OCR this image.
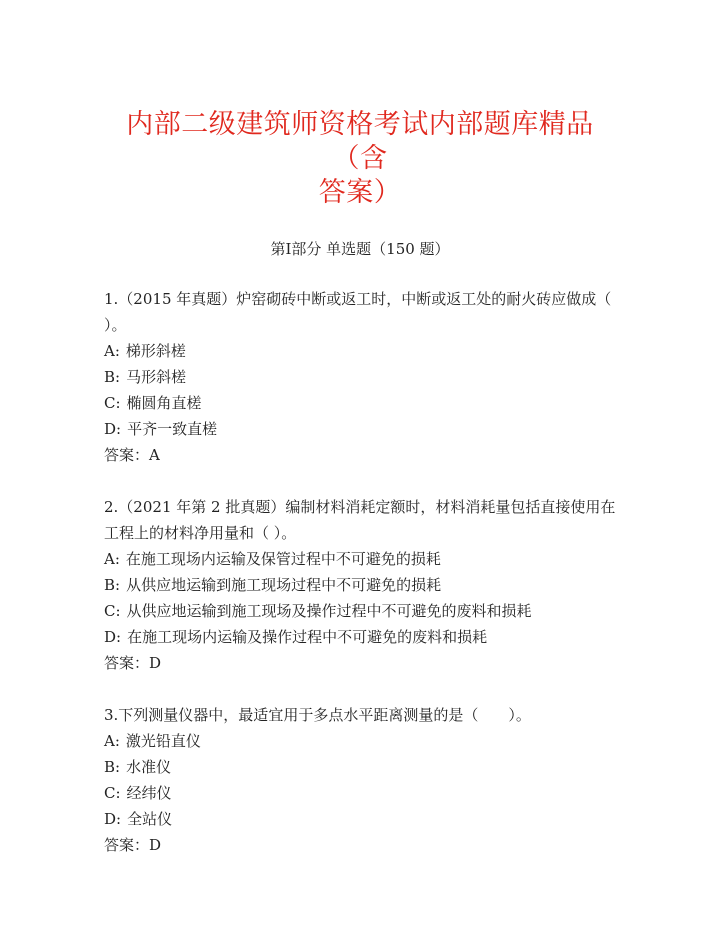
内部二级建筑师资格考试内部题库精品（含
答案）
第Ⅰ部分 单选题（150 题）

1.（2015 年真题）炉窑砌砖中断或返工时，中断或返工处的耐火砖应做成（ ）。

A: 梯形斜槎
B: 马形斜槎
C: 椭圆角直槎
D: 平齐一致直槎

答案：A

2.（2021 年第 2 批真题）编制材料消耗定额时，材料消耗量包括直接使用在工程上的材料净用量和（ ）。

A: 在施工现场内运输及保管过程中不可避免的损耗
B: 从供应地运输到施工现场过程中不可避免的损耗
C: 从供应地运输到施工现场及操作过程中不可避免的废料和损耗
D: 在施工现场内运输及操作过程中不可避免的废料和损耗

答案：D

3.下列测量仪器中，最适宜用于多点水平距离测量的是（　　）。

A: 激光铅直仪
B: 水准仪
C: 经纬仪
D: 全站仪

答案：D
